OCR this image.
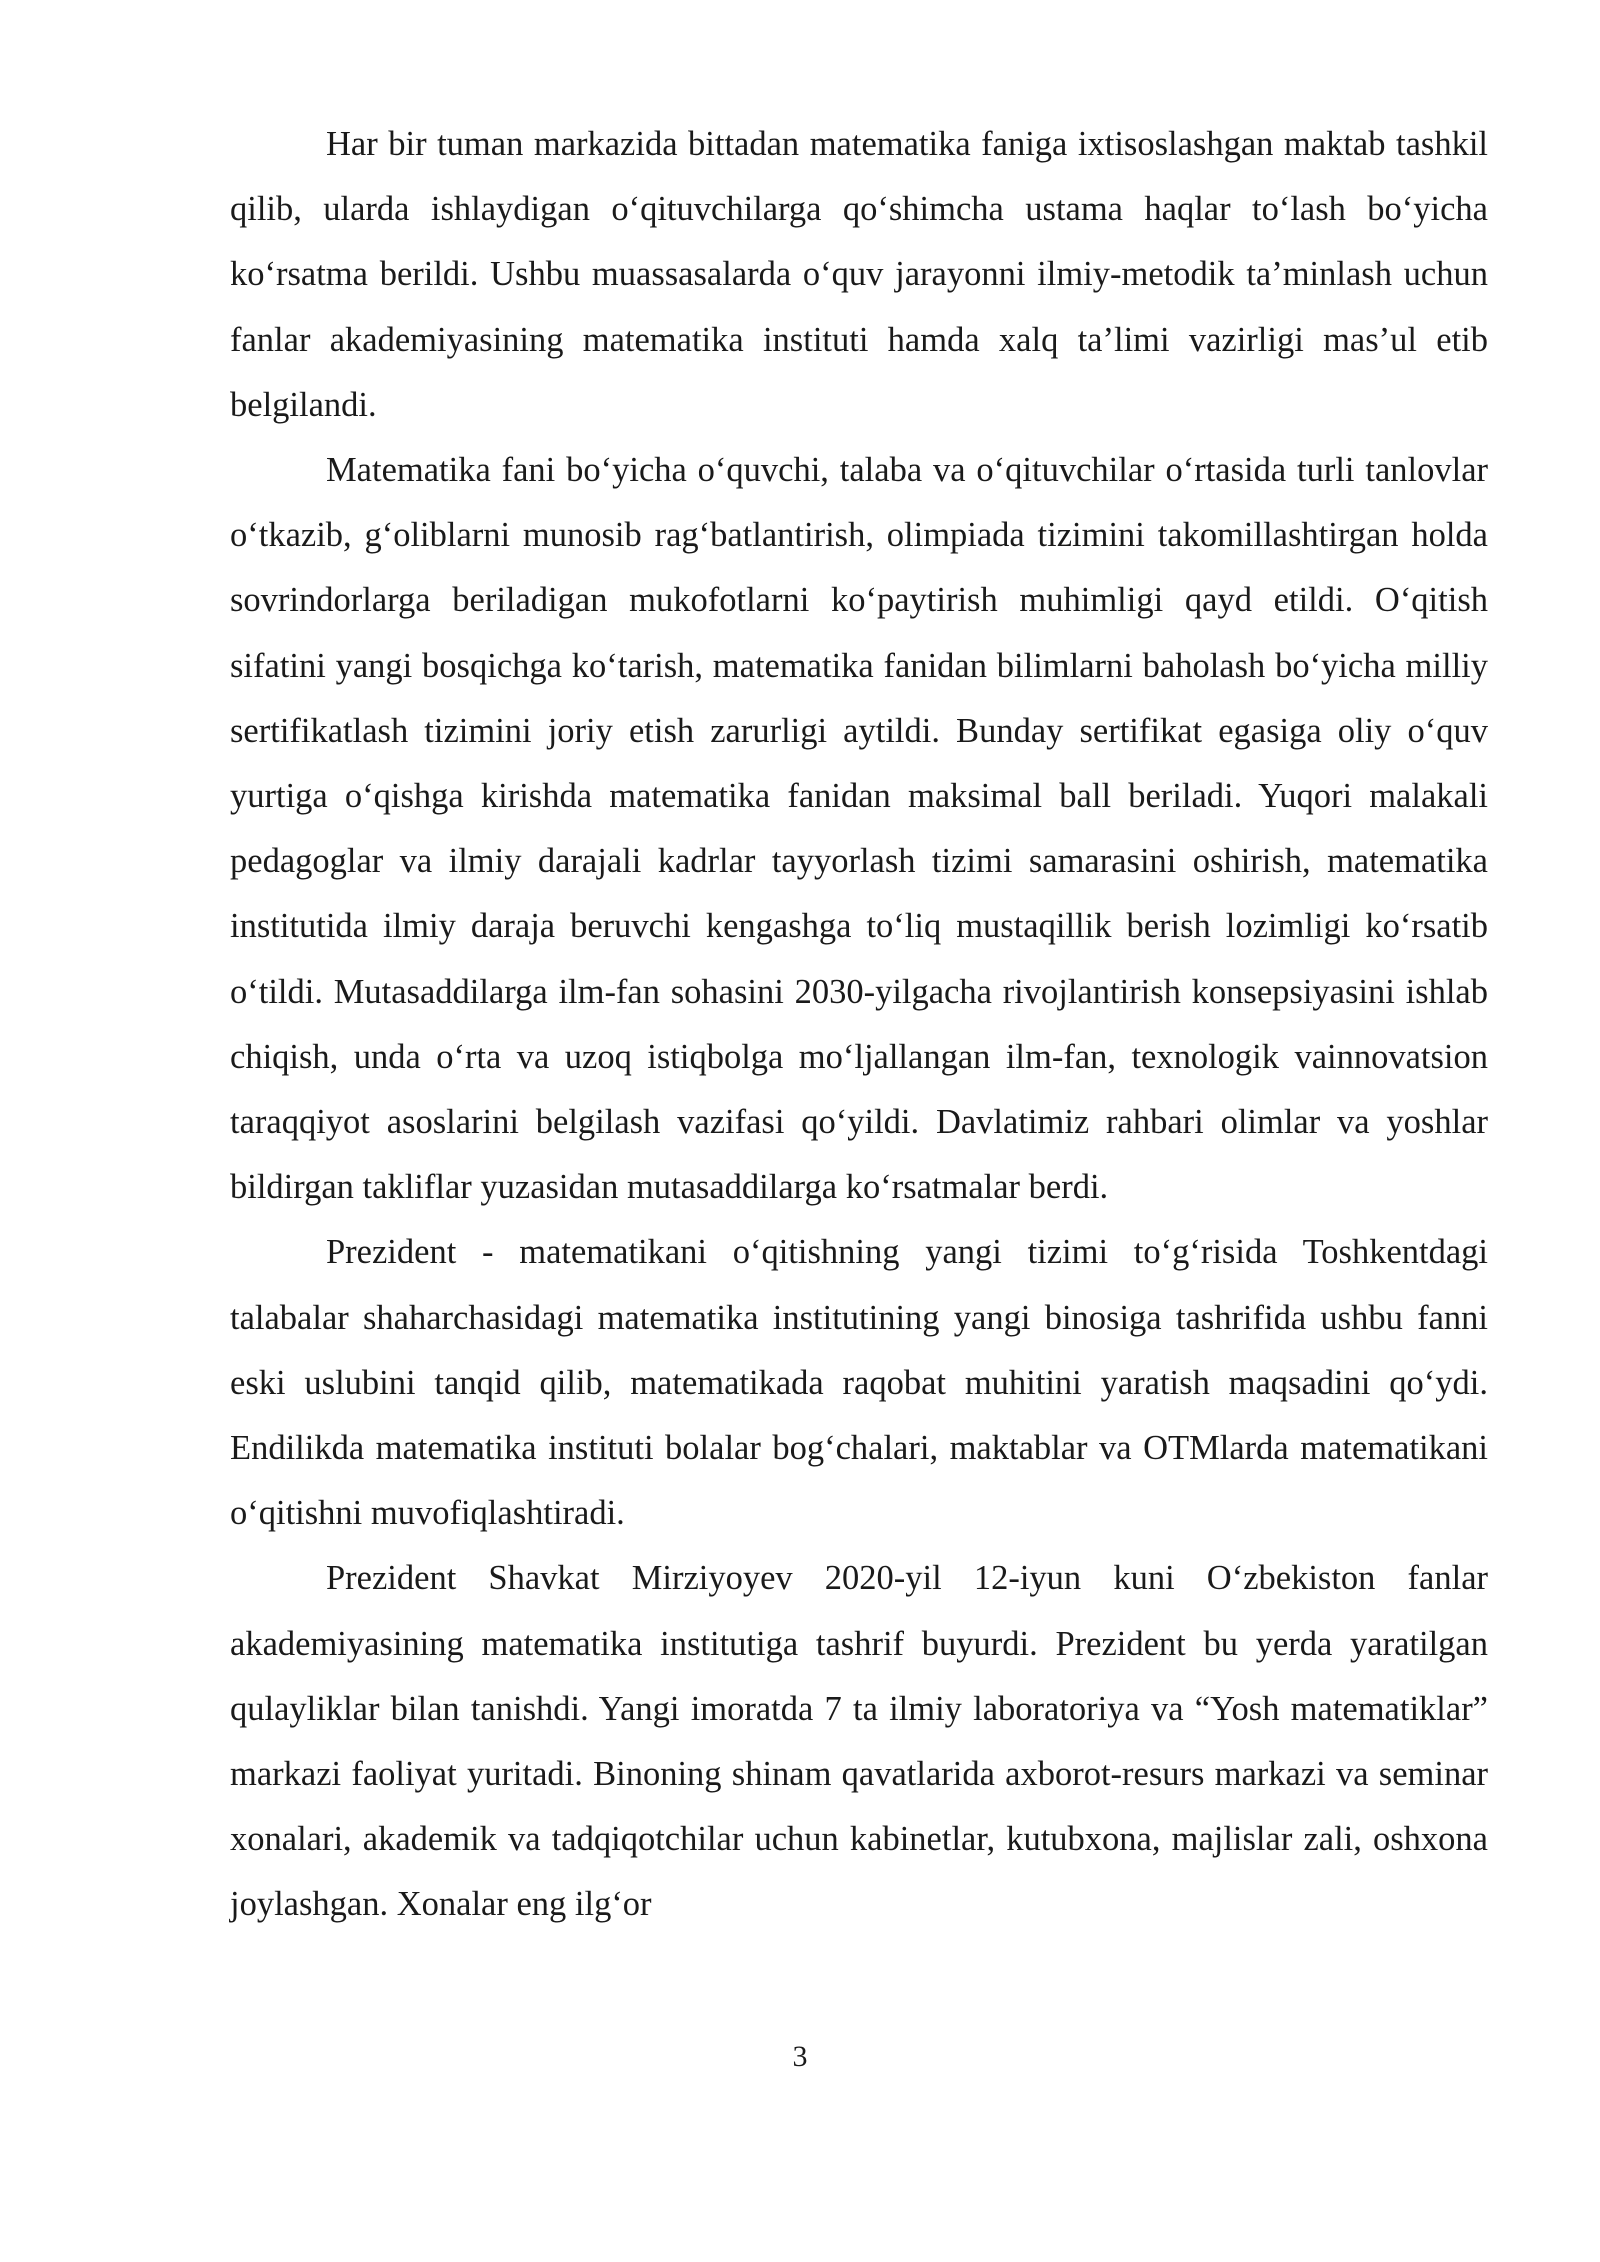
Har bir tuman markazida bittadan matematika faniga ixtisoslashgan maktab tashkil qilib, ularda ishlaydigan o‘qituvchilarga qo‘shimcha ustama haqlar to‘lash bo‘yicha ko‘rsatma berildi. Ushbu muassasalarda o‘quv jarayonni ilmiy-metodik ta’minlash uchun fanlar akademiyasining matematika instituti hamda xalq ta’limi vazirligi mas’ul etib belgilandi.

Matematika fani bo‘yicha o‘quvchi, talaba va o‘qituvchilar o‘rtasida turli tanlovlar o‘tkazib, g‘oliblarni munosib rag‘batlantirish, olimpiada tizimini takomillashtirgan holda sovrindorlarga beriladigan mukofotlarni ko‘paytirish muhimligi qayd etildi. O‘qitish sifatini yangi bosqichga ko‘tarish, matematika fanidan bilimlarni baholash bo‘yicha milliy sertifikatlash tizimini joriy etish zarurligi aytildi. Bunday sertifikat egasiga oliy o‘quv yurtiga o‘qishga kirishda matematika fanidan maksimal ball beriladi. Yuqori malakali pedagoglar va ilmiy darajali kadrlar tayyorlash tizimi samarasini oshirish, matematika institutida ilmiy daraja beruvchi kengashga to‘liq mustaqillik berish lozimligi ko‘rsatib o‘tildi. Mutasaddilarga ilm-fan sohasini 2030-yilgacha rivojlantirish konsepsiyasini ishlab chiqish, unda o‘rta va uzoq istiqbolga mo‘ljallangan ilm-fan, texnologik vainnovatsion taraqqiyot asoslarini belgilash vazifasi qo‘yildi. Davlatimiz rahbari olimlar va yoshlar bildirgan takliflar yuzasidan mutasaddilarga ko‘rsatmalar berdi.

Prezident - matematikani o‘qitishning yangi tizimi to‘g‘risida Toshkentdagi talabalar shaharchasidagi matematika institutining yangi binosiga tashrifida ushbu fanni eski uslubini tanqid qilib, matematikada raqobat muhitini yaratish maqsadini qo‘ydi. Endilikda matematika instituti bolalar bog‘chalari, maktablar va OTMlarda matematikani o‘qitishni muvofiqlashtiradi.

Prezident Shavkat Mirziyoyev 2020-yil 12-iyun kuni O‘zbekiston fanlar akademiyasining matematika institutiga tashrif buyurdi. Prezident bu yerda yaratilgan qulayliklar bilan tanishdi. Yangi imoratda 7 ta ilmiy laboratoriya va “Yosh matematiklar” markazi faoliyat yuritadi. Binoning shinam qavatlarida axborot-resurs markazi va seminar xonalari, akademik va tadqiqotchilar uchun kabinetlar, kutubxona, majlislar zali, oshxona joylashgan. Xonalar eng ilg‘or

3
